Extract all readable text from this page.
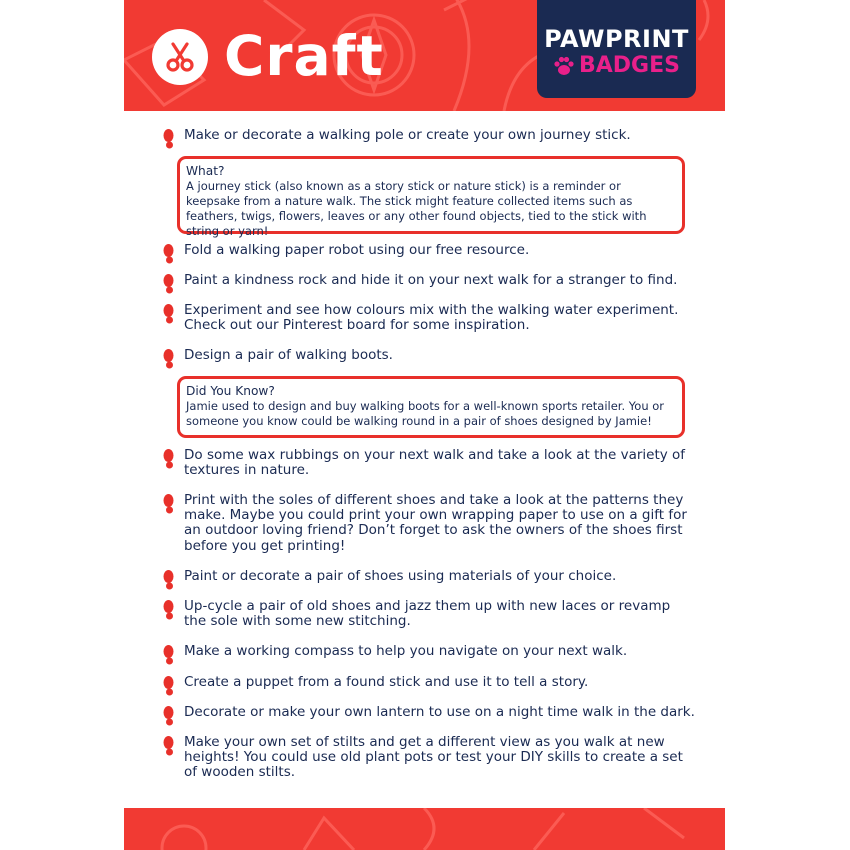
Craft	PAWPRINT
BADGES
Make or decorate a walking pole or create your own journey stick.
What?
A journey stick (also known as a story stick or nature stick) is a reminder or keepsake from a nature walk. The stick might feature collected items such as feathers, twigs, flowers, leaves or any other found objects, tied to the stick with string or yarn!
Fold a walking paper robot using our free resource.
Paint a kindness rock and hide it on your next walk for a stranger to find.
Experiment and see how colours mix with the walking water experiment. Check out our Pinterest board for some inspiration.
Design a pair of walking boots.
Did You Know?
Jamie used to design and buy walking boots for a well-known sports retailer. You or someone you know could be walking round in a pair of shoes designed by Jamie!
Do some wax rubbings on your next walk and take a look at the variety of textures in nature.
Print with the soles of different shoes and take a look at the patterns they make. Maybe you could print your own wrapping paper to use on a gift for an outdoor loving friend? Don’t forget to ask the owners of the shoes first before you get printing!
Paint or decorate a pair of shoes using materials of your choice.
Up-cycle a pair of old shoes and jazz them up with new laces or revamp the sole with some new stitching.
Make a working compass to help you navigate on your next walk.
Create a puppet from a found stick and use it to tell a story.
Decorate or make your own lantern to use on a night time walk in the dark.
Make your own set of stilts and get a different view as you walk at new heights! You could use old plant pots or test your DIY skills to create a set of wooden stilts.
